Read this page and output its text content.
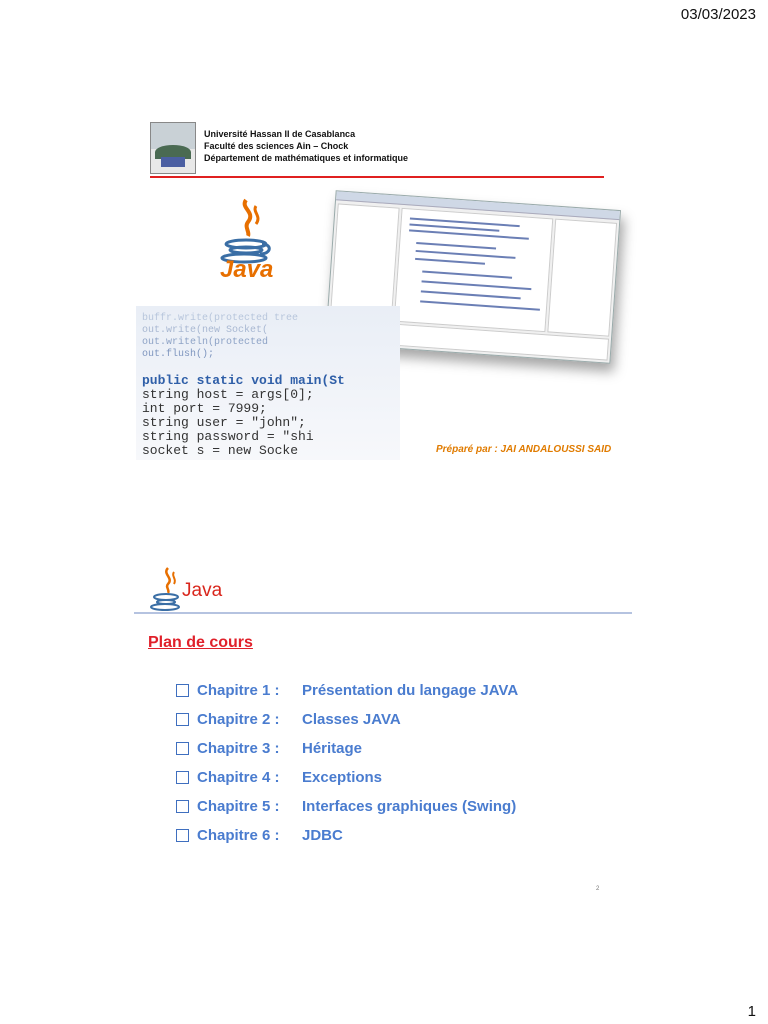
03/03/2023
Université Hassan II de Casablanca
Faculté des sciences Ain – Chock
Département de mathématiques et informatique
Java
buffr.write(protected tree
out.write(new Socket(
out.writeln(protected
out.flush();
public static void main(St
string host = args[0];
int port = 7999;
string user = "john";
string password = "shi
socket s = new Socke	Préparé par : JAI ANDALOUSSI SAID
Java
Plan de cours
Chapitre 1 :	Présentation du langage JAVA
Chapitre 2 :	Classes JAVA
Chapitre 3 :	Héritage
Chapitre 4 :	Exceptions
Chapitre 5 :	Interfaces graphiques (Swing)
Chapitre 6 :	JDBC
2
1
